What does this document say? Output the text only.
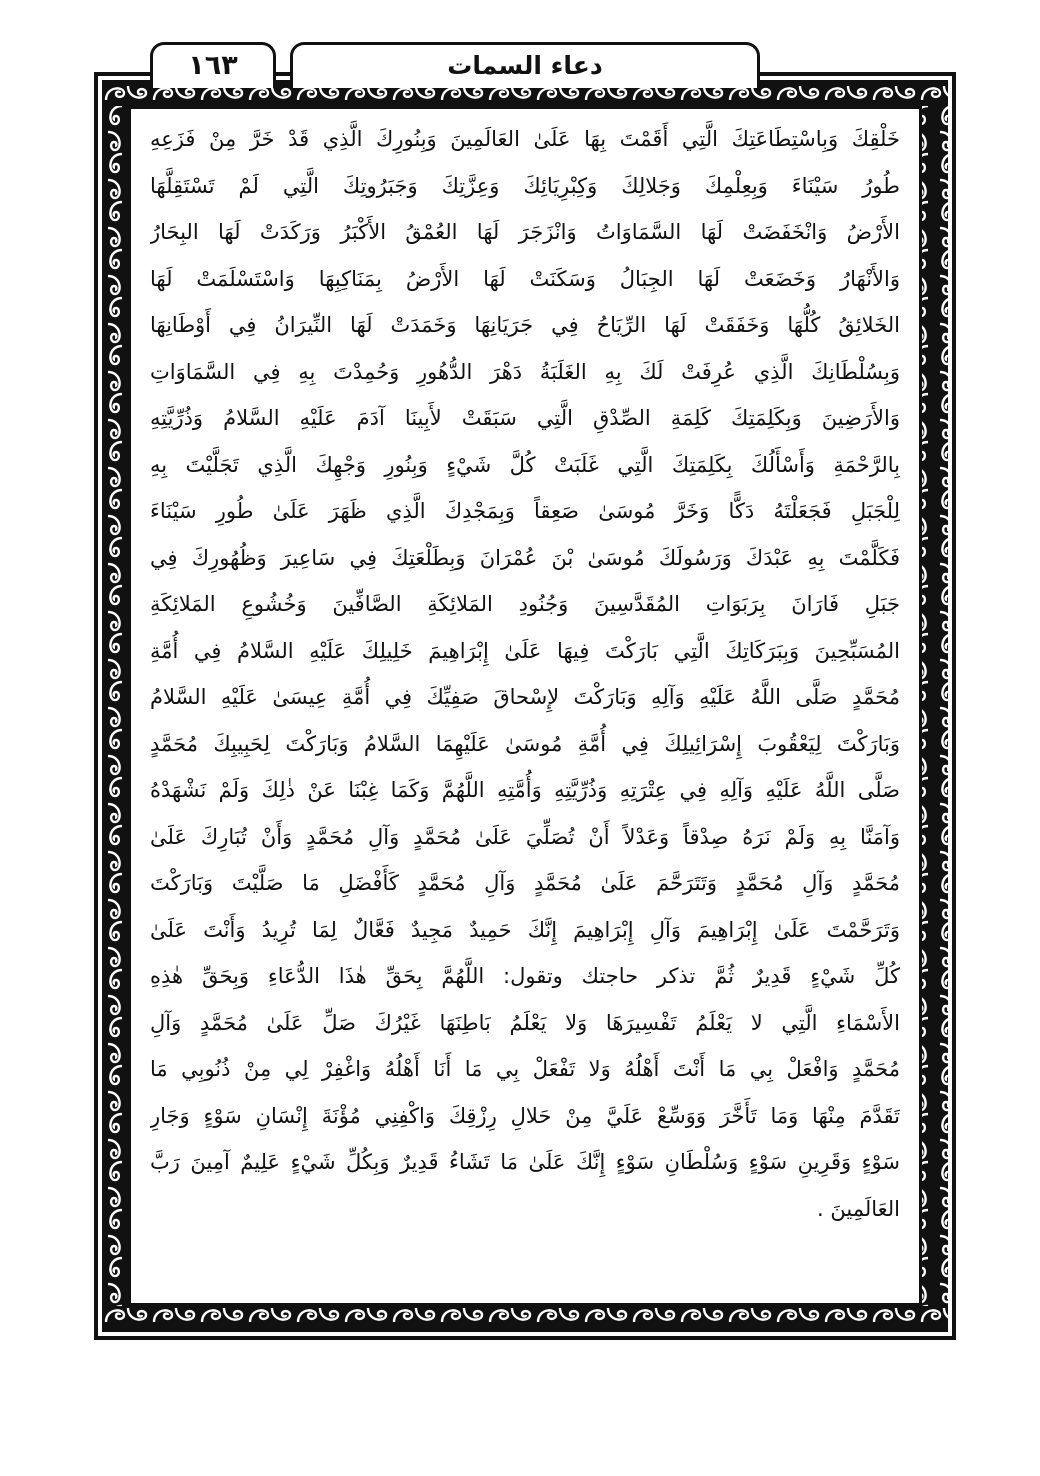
دعاء السمات
١٦٣
خَلْقِكَ وَبِاسْتِطَاعَتِكَ الَّتِي أَقَمْتَ بِهَا عَلَىٰ العَالَمِينَ وَبِنُورِكَ الَّذِي قَدْ خَرَّ مِنْ فَزَعِهِ
طُورُ سَيْنَاءَ وَبِعِلْمِكَ وَجَلالِكَ وَكِبْرِيَائِكَ وَعِزَّتِكَ وَجَبَرُوتِكَ الَّتِي لَمْ تَسْتَقِلَّهَا
الأَرْضُ وَانْخَفَضَتْ لَهَا السَّمَاوَاتُ وَانْزَجَرَ لَهَا العُمْقُ الأَكْبَرُ وَرَكَدَتْ لَهَا البِحَارُ
وَالأَنْهَارُ وَخَضَعَتْ لَهَا الجِبَالُ وَسَكَنَتْ لَهَا الأَرْضُ بِمَنَاكِبِهَا وَاسْتَسْلَمَتْ لَهَا
الخَلائِقُ كُلُّهَا وَخَفَقَتْ لَهَا الرِّيَاحُ فِي جَرَيَانِهَا وَخَمَدَتْ لَهَا النِّيرَانُ فِي أَوْطَانِهَا
وَبِسُلْطَانِكَ الَّذِي عُرِفَتْ لَكَ بِهِ الغَلَبَةُ دَهْرَ الدُّهُورِ وَحُمِدْتَ بِهِ فِي السَّمَاوَاتِ
وَالأَرَضِينَ وَبِكَلِمَتِكَ كَلِمَةِ الصِّدْقِ الَّتِي سَبَقَتْ لأَبِينَا آدَمَ عَلَيْهِ السَّلامُ وَذُرِّيَّتِهِ
بِالرَّحْمَةِ وَأَسْأَلُكَ بِكَلِمَتِكَ الَّتِي غَلَبَتْ كُلَّ شَيْءٍ وَبِنُورِ وَجْهِكَ الَّذِي تَجَلَّيْتَ بِهِ
لِلْجَبَلِ فَجَعَلْتَهُ دَكًّا وَخَرَّ مُوسَىٰ صَعِقاً وَبِمَجْدِكَ الَّذِي ظَهَرَ عَلَىٰ طُورِ سَيْنَاءَ
فَكَلَّمْتَ بِهِ عَبْدَكَ وَرَسُولَكَ مُوسَىٰ بْنَ عُمْرَانَ وَبِطَلْعَتِكَ فِي سَاعِيرَ وَظُهُورِكَ فِي
جَبَلِ فَارَانَ بِرَبَوَاتِ المُقَدَّسِينَ وَجُنُودِ المَلائِكَةِ الصَّافِّينَ وَخُشُوعِ المَلائِكَةِ
المُسَبِّحِينَ وَبِبَرَكَاتِكَ الَّتِي بَارَكْتَ فِيهَا عَلَىٰ إِبْرَاهِيمَ خَلِيلِكَ عَلَيْهِ السَّلامُ فِي أُمَّةِ
مُحَمَّدٍ صَلَّى اللَّهُ عَلَيْهِ وَآلِهِ وَبَارَكْتَ لإِسْحاقَ صَفِيِّكَ فِي أُمَّةِ عِيسَىٰ عَلَيْهِ السَّلامُ
وَبَارَكْتَ لِيَعْقُوبَ إِسْرَائِيلِكَ فِي أُمَّةِ مُوسَىٰ عَلَيْهِمَا السَّلامُ وَبَارَكْتَ لِحَبِيبِكَ مُحَمَّدٍ
صَلَّى اللَّهُ عَلَيْهِ وَآلِهِ فِي عِتْرَتِهِ وَذُرِّيَّتِهِ وَأُمَّتِهِ اللَّهُمَّ وَكَمَا غِبْنَا عَنْ ذٰلِكَ وَلَمْ نَشْهَدْهُ
وَآمَنَّا بِهِ وَلَمْ نَرَهُ صِدْقاً وَعَدْلاً أَنْ تُصَلِّيَ عَلَىٰ مُحَمَّدٍ وَآلِ مُحَمَّدٍ وَأَنْ تُبَارِكَ عَلَىٰ
مُحَمَّدٍ وَآلِ مُحَمَّدٍ وَتَتَرَحَّمَ عَلَىٰ مُحَمَّدٍ وَآلِ مُحَمَّدٍ كَأَفْضَلِ مَا صَلَّيْتَ وَبَارَكْتَ
وَتَرَحَّمْتَ عَلَىٰ إِبْرَاهِيمَ وَآلِ إِبْرَاهِيمَ إِنَّكَ حَمِيدٌ مَجِيدٌ فَعَّالٌ لِمَا تُرِيدُ وَأَنْتَ عَلَىٰ
كُلِّ شَيْءٍ قَدِيرٌ ثُمَّ تذكر حاجتك وتقول: اللَّهُمَّ بِحَقِّ هٰذَا الدُّعَاءِ وَبِحَقِّ هٰذِهِ
الأَسْمَاءِ الَّتِي لا يَعْلَمُ تَفْسِيرَهَا وَلا يَعْلَمُ بَاطِنَهَا غَيْرُكَ صَلِّ عَلَىٰ مُحَمَّدٍ وَآلِ
مُحَمَّدٍ وَافْعَلْ بِي مَا أَنْتَ أَهْلُهُ وَلا تَفْعَلْ بِي مَا أَنَا أَهْلُهُ وَاغْفِرْ لِي مِنْ ذُنُوبِي مَا
تَقَدَّمَ مِنْهَا وَمَا تَأَخَّرَ وَوَسِّعْ عَلَيَّ مِنْ حَلالِ رِزْقِكَ وَاكْفِنِي مُؤْنَةَ إِنْسَانِ سَوْءٍ وَجَارِ
سَوْءٍ وَقَرِينِ سَوْءٍ وَسُلْطَانِ سَوْءٍ إِنَّكَ عَلَىٰ مَا تَشَاءُ قَدِيرٌ وَبِكُلِّ شَيْءٍ عَلِيمٌ آمِينَ رَبَّ
العَالَمِينَ .
